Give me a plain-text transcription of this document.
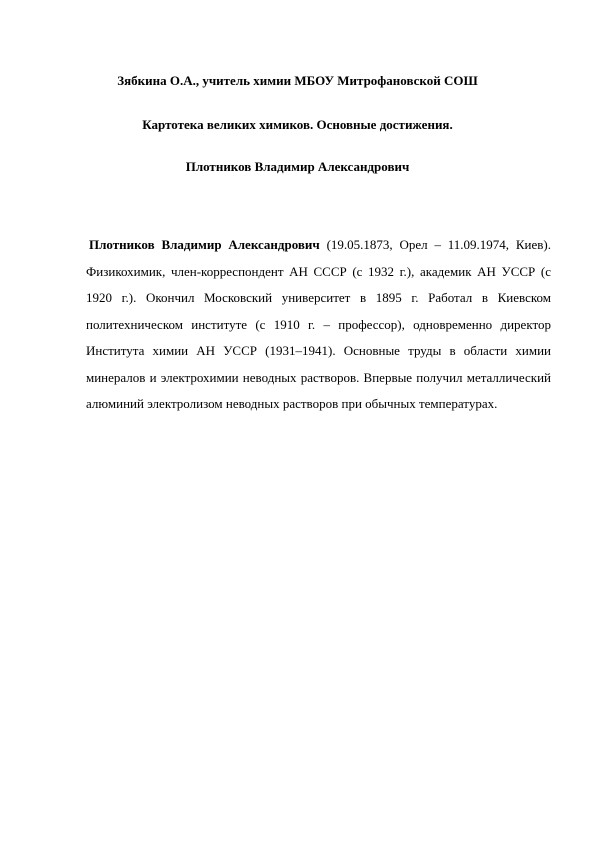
Зябкина О.А., учитель химии МБОУ Митрофановской СОШ
Картотека великих химиков. Основные достижения.
Плотников Владимир Александрович

Плотников Владимир Александрович (19.05.1873, Орел – 11.09.1974, Киев). Физикохимик, член-корреспондент АН СССР (с 1932 г.), академик АН УССР (с 1920 г.). Окончил Московский университет в 1895 г. Работал в Киевском политехническом институте (с 1910 г. – профессор), одновременно директор Института химии АН УССР (1931–1941). Основные труды в области химии минералов и электрохимии неводных растворов. Впервые получил металлический алюминий электролизом неводных растворов при обычных температурах.
